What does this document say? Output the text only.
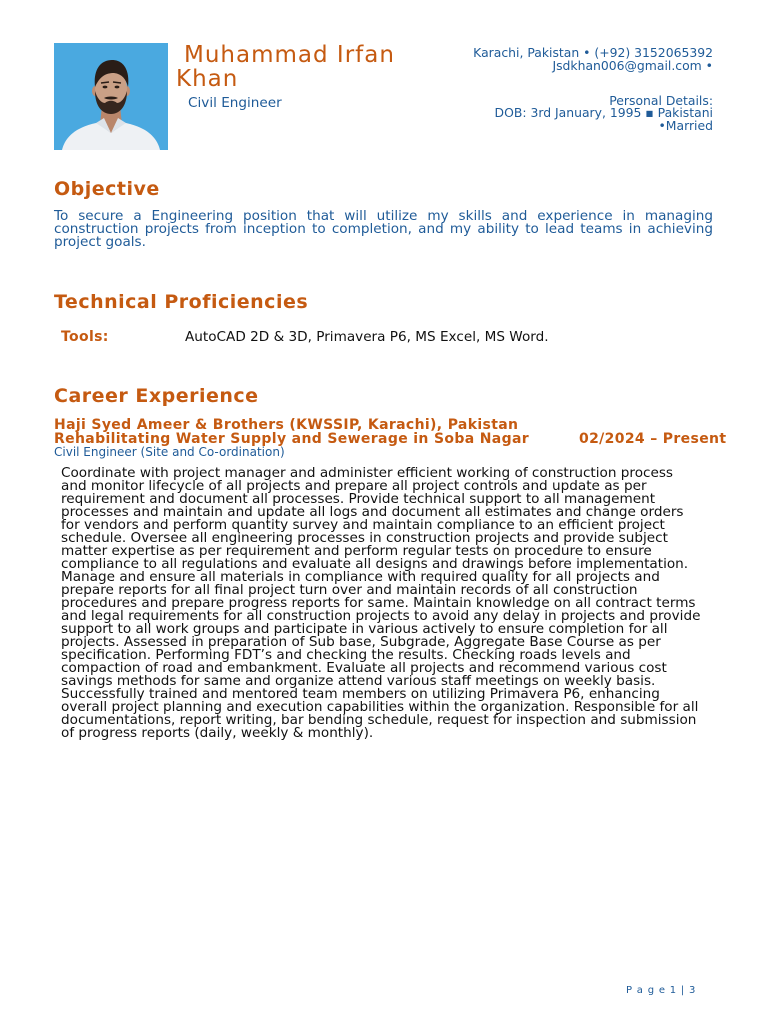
Muhammad Irfan Khan
Civil Engineer
Karachi, Pakistan • (+92) 3152065392
Jsdkhan006@gmail.com •
Personal Details:
DOB: 3rd January, 1995 ▪ Pakistani
•Married
Objective
To secure a Engineering position that will utilize my skills and experience in managing construction projects from inception to completion, and my ability to lead teams in achieving project goals.
Technical Proficiencies
Tools:	AutoCAD 2D & 3D, Primavera P6, MS Excel, MS Word.
Career Experience
Haji Syed Ameer & Brothers (KWSSIP, Karachi), Pakistan
Rehabilitating Water Supply and Sewerage in Soba Nagar	02/2024 – Present
Civil Engineer (Site and Co-ordination)
Coordinate with project manager and administer efficient working of construction process
and monitor lifecycle of all projects and prepare all project controls and update as per
requirement and document all processes. Provide technical support to all management
processes and maintain and update all logs and document all estimates and change orders
for vendors and perform quantity survey and maintain compliance to an efficient project
schedule. Oversee all engineering processes in construction projects and provide subject
matter expertise as per requirement and perform regular tests on procedure to ensure
compliance to all regulations and evaluate all designs and drawings before implementation.
Manage and ensure all materials in compliance with required quality for all projects and
prepare reports for all final project turn over and maintain records of all construction
procedures and prepare progress reports for same. Maintain knowledge on all contract terms
and legal requirements for all construction projects to avoid any delay in projects and provide
support to all work groups and participate in various actively to ensure completion for all
projects. Assessed in preparation of Sub base, Subgrade, Aggregate Base Course as per
specification. Performing FDT’s and checking the results. Checking roads levels and
compaction of road and embankment. Evaluate all projects and recommend various cost
savings methods for same and organize attend various staff meetings on weekly basis.
Successfully trained and mentored team members on utilizing Primavera P6, enhancing
overall project planning and execution capabilities within the organization. Responsible for all
documentations, report writing, bar bending schedule, request for inspection and submission
of progress reports (daily, weekly & monthly).
P a g e 1 | 3
